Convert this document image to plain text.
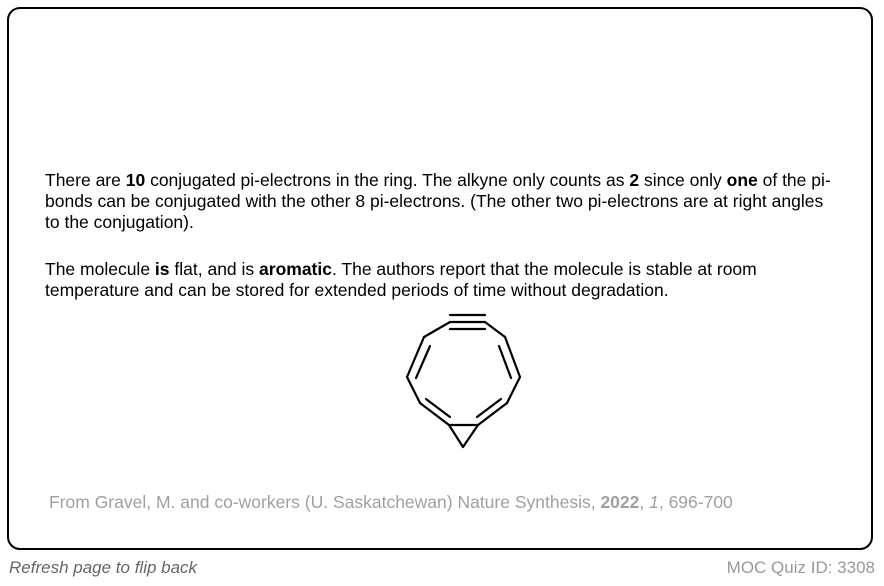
There are 10 conjugated pi-electrons in the ring. The alkyne only counts as 2 since only one of the pi-bonds can be conjugated with the other 8 pi-electrons. (The other two pi-electrons are at right angles to the conjugation).

The molecule is flat, and is aromatic. The authors report that the molecule is stable at room temperature and can be stored for extended periods of time without degradation.

From Gravel, M. and co-workers (U. Saskatchewan) Nature Synthesis, 2022, 1, 696-700
Refresh page to flip back	MOC Quiz ID: 3308
